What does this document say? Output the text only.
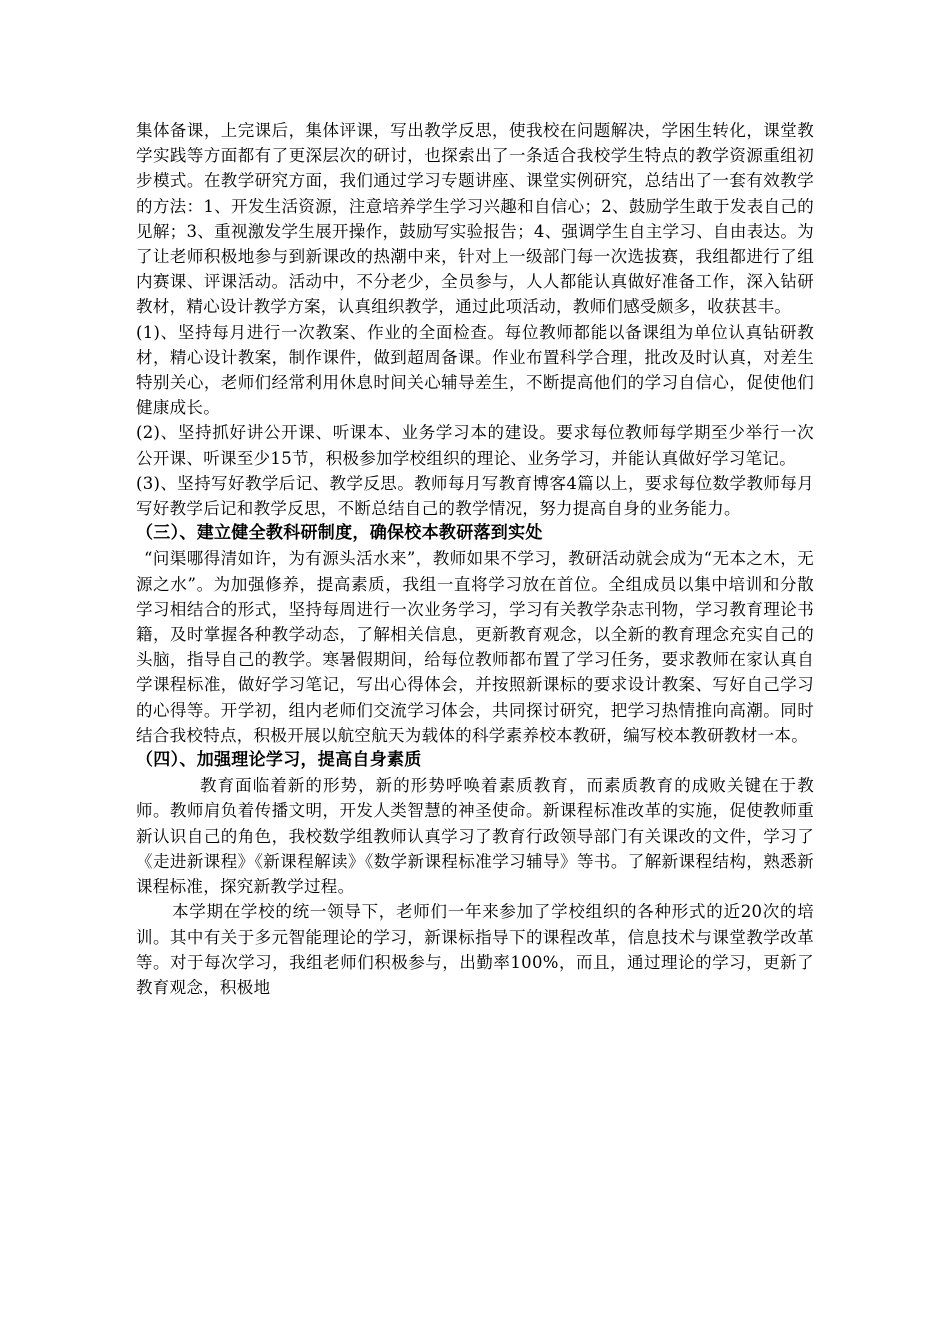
集体备课，上完课后，集体评课，写出教学反思，使我校在问题解决，学困生转化，课堂教学实践等方面都有了更深层次的研讨，也探索出了一条适合我校学生特点的教学资源重组初步模式。在教学研究方面，我们通过学习专题讲座、课堂实例研究，总结出了一套有效教学的方法：1、开发生活资源，注意培养学生学习兴趣和自信心；2、鼓励学生敢于发表自己的见解；3、重视激发学生展开操作，鼓励写实验报告；4、强调学生自主学习、自由表达。为了让老师积极地参与到新课改的热潮中来，针对上一级部门每一次选拔赛，我组都进行了组内赛课、评课活动。活动中，不分老少，全员参与，人人都能认真做好准备工作，深入钻研教材，精心设计教学方案，认真组织教学，通过此项活动，教师们感受颇多，收获甚丰。

(1)、坚持每月进行一次教案、作业的全面检查。每位教师都能以备课组为单位认真钻研教材，精心设计教案，制作课件，做到超周备课。作业布置科学合理，批改及时认真，对差生特别关心，老师们经常利用休息时间关心辅导差生，不断提高他们的学习自信心，促使他们健康成长。

(2)、坚持抓好讲公开课、听课本、业务学习本的建设。要求每位教师每学期至少举行一次公开课、听课至少15节，积极参加学校组织的理论、业务学习，并能认真做好学习笔记。

(3)、坚持写好教学后记、教学反思。教师每月写教育博客4篇以上，要求每位数学教师每月写好教学后记和教学反思，不断总结自己的教学情况，努力提高自身的业务能力。

（三）、建立健全教科研制度，确保校本教研落到实处

“问渠哪得清如许，为有源头活水来”，教师如果不学习，教研活动就会成为“无本之木，无源之水”。为加强修养，提高素质，我组一直将学习放在首位。全组成员以集中培训和分散学习相结合的形式，坚持每周进行一次业务学习，学习有关教学杂志刊物，学习教育理论书籍，及时掌握各种教学动态，了解相关信息，更新教育观念，以全新的教育理念充实自己的头脑，指导自己的教学。寒暑假期间，给每位教师都布置了学习任务，要求教师在家认真自学课程标准，做好学习笔记，写出心得体会，并按照新课标的要求设计教案、写好自己学习的心得等。开学初，组内老师们交流学习体会，共同探讨研究，把学习热情推向高潮。同时结合我校特点，积极开展以航空航天为载体的科学素养校本教研，编写校本教研教材一本。

（四）、加强理论学习，提高自身素质

教育面临着新的形势，新的形势呼唤着素质教育，而素质教育的成败关键在于教师。教师肩负着传播文明，开发人类智慧的神圣使命。新课程标准改革的实施，促使教师重新认识自己的角色，我校数学组教师认真学习了教育行政领导部门有关课改的文件，学习了《走进新课程》《新课程解读》《数学新课程标准学习辅导》等书。了解新课程结构，熟悉新课程标准，探究新教学过程。

本学期在学校的统一领导下，老师们一年来参加了学校组织的各种形式的近20次的培训。其中有关于多元智能理论的学习，新课标指导下的课程改革，信息技术与课堂教学改革等。对于每次学习，我组老师们积极参与，出勤率100%，而且，通过理论的学习，更新了教育观念，积极地
